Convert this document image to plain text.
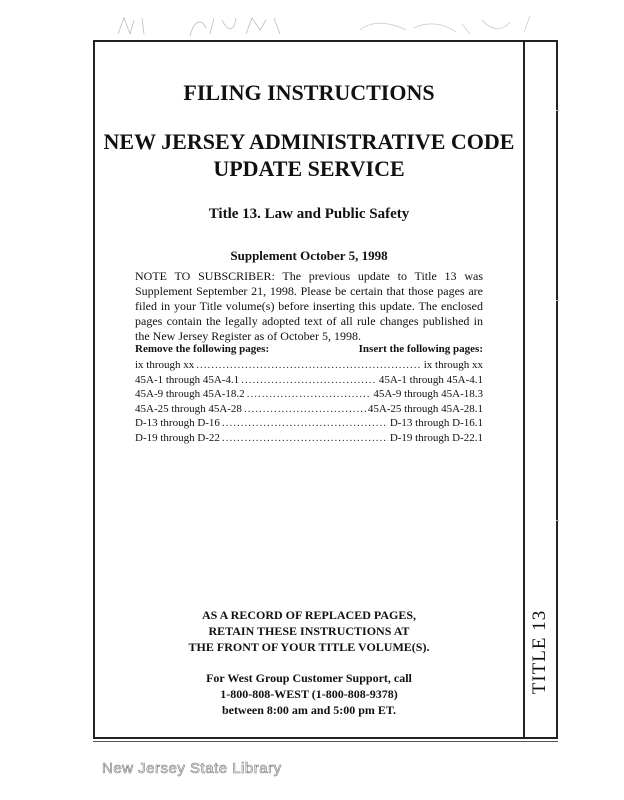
TITLE 13
FILING INSTRUCTIONS
NEW JERSEY ADMINISTRATIVE CODE
UPDATE SERVICE
Title 13. Law and Public Safety
Supplement October 5, 1998
NOTE TO SUBSCRIBER: The previous update to Title 13 was Supplement September 21, 1998. Please be certain that those pages are filed in your Title volume(s) before inserting this update. The enclosed pages contain the legally adopted text of all rule changes published in the New Jersey Register as of October 5, 1998.
Remove the following pages:	Insert the following pages:
ix through xx .....	ix through xx
45A-1 through 45A-4.1 .....	45A-1 through 45A-4.1
45A-9 through 45A-18.2 .....	45A-9 through 45A-18.3
45A-25 through 45A-28 .....	45A-25 through 45A-28.1
D-13 through D-16 .....	D-13 through D-16.1
D-19 through D-22 .....	D-19 through D-22.1
AS A RECORD OF REPLACED PAGES,
RETAIN THESE INSTRUCTIONS AT
THE FRONT OF YOUR TITLE VOLUME(S).
For West Group Customer Support, call
1-800-808-WEST (1-800-808-9378)
between 8:00 am and 5:00 pm ET.
New Jersey State Library
